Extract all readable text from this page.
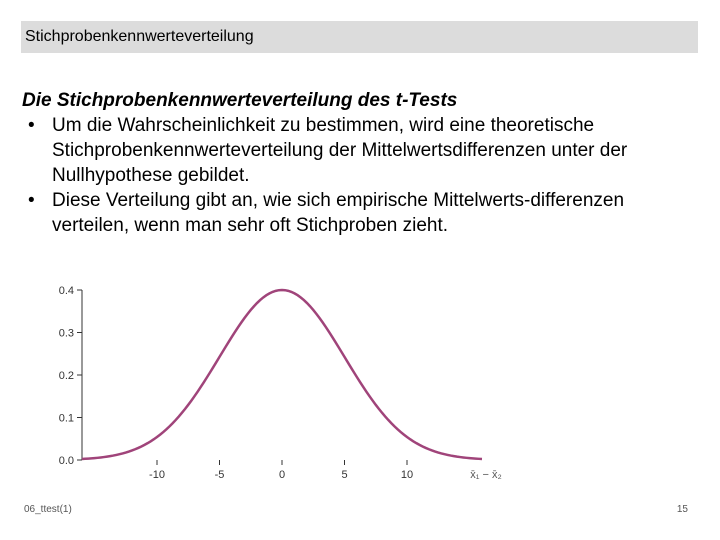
Stichprobenkennwerteverteilung

Die Stichprobenkennwerteverteilung des t-Tests

• Um die Wahrscheinlichkeit zu bestimmen, wird eine theoretische Stichprobenkennwerteverteilung der Mittelwertsdifferenzen unter der Nullhypothese gebildet.
• Diese Verteilung gibt an, wie sich empirische Mittelwerts-differenzen verteilen, wenn man sehr oft Stichproben zieht.
0.0
0.1
0.2
0.3
0.4
-10	-5	0	5	10	x̄₁ − x̄₂
06_ttest(1)	15
